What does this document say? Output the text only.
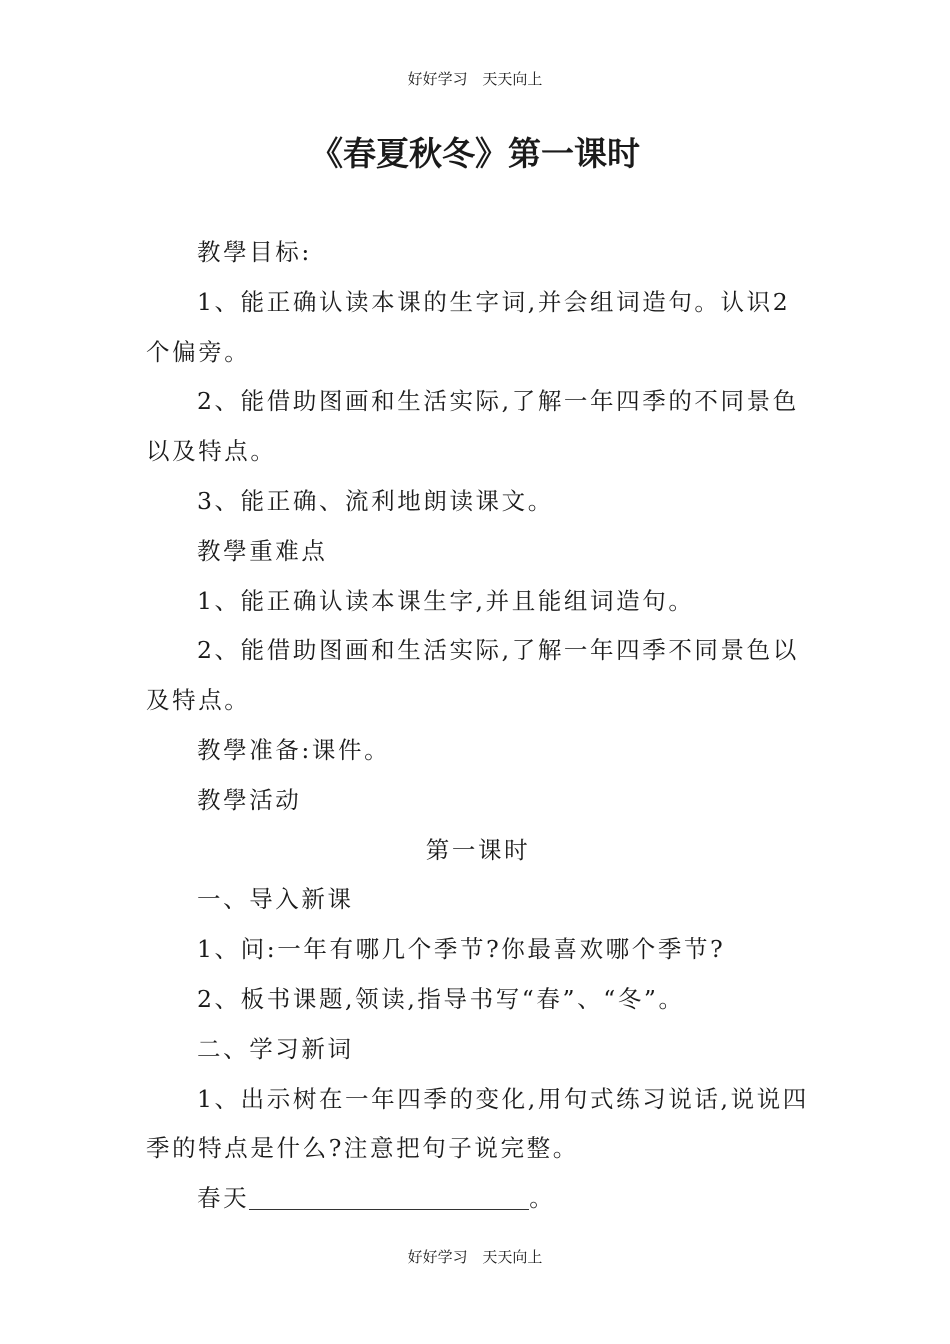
好好学习 天天向上
《春夏秋冬》第一课时

教學目标:

1、能正确认读本课的生字词,并会组词造句。认识2个偏旁。

2、能借助图画和生活实际,了解一年四季的不同景色以及特点。

3、能正确、流利地朗读课文。

教學重难点

1、能正确认读本课生字,并且能组词造句。

2、能借助图画和生活实际,了解一年四季不同景色以及特点。

教學准备:课件。

教學活动

第一课时

一、导入新课

1、问:一年有哪几个季节?你最喜欢哪个季节?

2、板书课题,领读,指导书写“春”、“冬”。

二、学习新词

1、出示树在一年四季的变化,用句式练习说话,说说四季的特点是什么?注意把句子说完整。

春天	。

好好学习 天天向上
